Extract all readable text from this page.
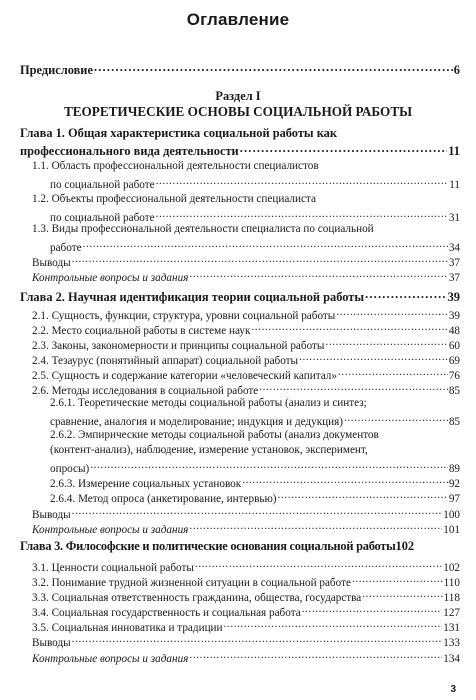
Оглавление
Предисловие .....	6
Раздел I
ТЕОРЕТИЧЕСКИЕ ОСНОВЫ СОЦИАЛЬНОЙ РАБОТЫ
Глава 1. Общая характеристика социальной работы как
профессионального вида деятельности .....	11
1.1. Область профессиональной деятельности специалистов
по социальной работе .....	11
1.2. Объекты профессиональной деятельности специалиста
по социальной работе .....	31
1.3. Виды профессиональной деятельности специалиста по социальной
работе .....	34
Выводы .....	37
Контрольные вопросы и задания .....	37
Глава 2. Научная идентификация теории социальной работы .....	39
2.1. Сущность, функции, структура, уровни социальной работы .....	39
2.2. Место социальной работы в системе наук .....	48
2.3. Законы, закономерности и принципы социальной работы .....	60
2.4. Тезаурус (понятийный аппарат) социальной работы .....	69
2.5. Сущность и содержание категории «человеческий капитал» .....	76
2.6. Методы исследования в социальной работе .....	85
2.6.1. Теоретические методы социальной работы (анализ и синтез;
сравнение, аналогия и моделирование; индукция и дедукция) .....	85
2.6.2. Эмпирические методы социальной работы (анализ документов
(контент-анализ), наблюдение, измерение установок, эксперимент,
опросы) .....	89
2.6.3. Измерение социальных установок .....	92
2.6.4. Метод опроса (анкетирование, интервью) .....	97
Выводы .....	100
Контрольные вопросы и задания .....	101
Глава 3. Философские и политические основания социальной работы 102
3.1. Ценности социальной работы .....	102
3.2. Понимание трудной жизненной ситуации в социальной работе .....	110
3.3. Социальная ответственность гражданина, общества, государства .....	118
3.4. Социальная государственность и социальная работа .....	127
3.5. Социальная инноватика и традиции .....	131
Выводы .....	133
Контрольные вопросы и задания .....	134
3
